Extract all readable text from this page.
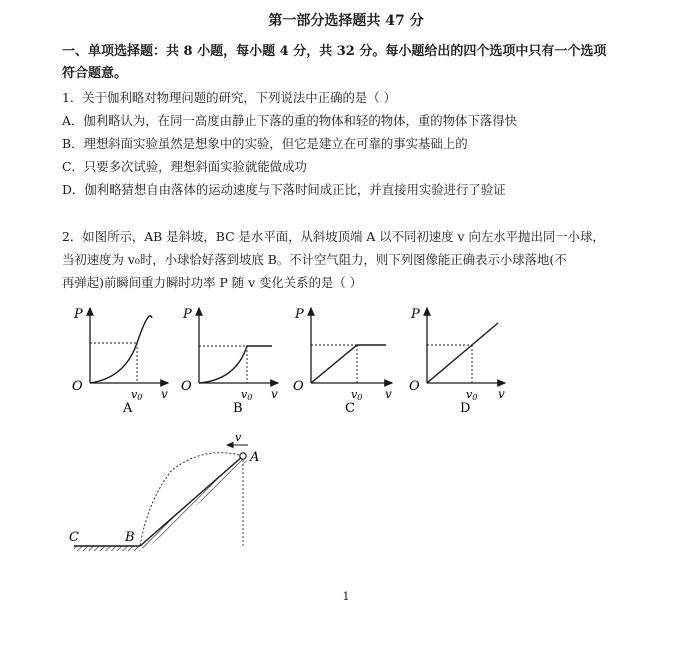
第一部分选择题共 47 分
一、单项选择题：共 8 小题，每小题 4 分，共 32 分。每小题给出的四个选项中只有一个选项
符合题意。
1．关于伽利略对物理问题的研究，下列说法中正确的是（ ）
A．伽利略认为，在同一高度由静止下落的重的物体和轻的物体，重的物体下落得快
B．理想斜面实验虽然是想象中的实验，但它是建立在可靠的事实基础上的
C．只要多次试验，理想斜面实验就能做成功
D．伽利略猜想自由落体的运动速度与下落时间成正比，并直接用实验进行了验证
2．如图所示，AB 是斜坡，BC 是水平面，从斜坡顶端 A 以不同初速度 v 向左水平抛出同一小球，
当初速度为 v₀时，小球恰好落到坡底 B。不计空气阻力，则下列图像能正确表示小球落地(不
再弹起)前瞬间重力瞬时功率 P 随 v 变化关系的是（ ）
P
O
v0 v
A
P
O
v0 v
B
P
O
v0 v
C
P
O
v0 v
D
v
C	B
A
1
